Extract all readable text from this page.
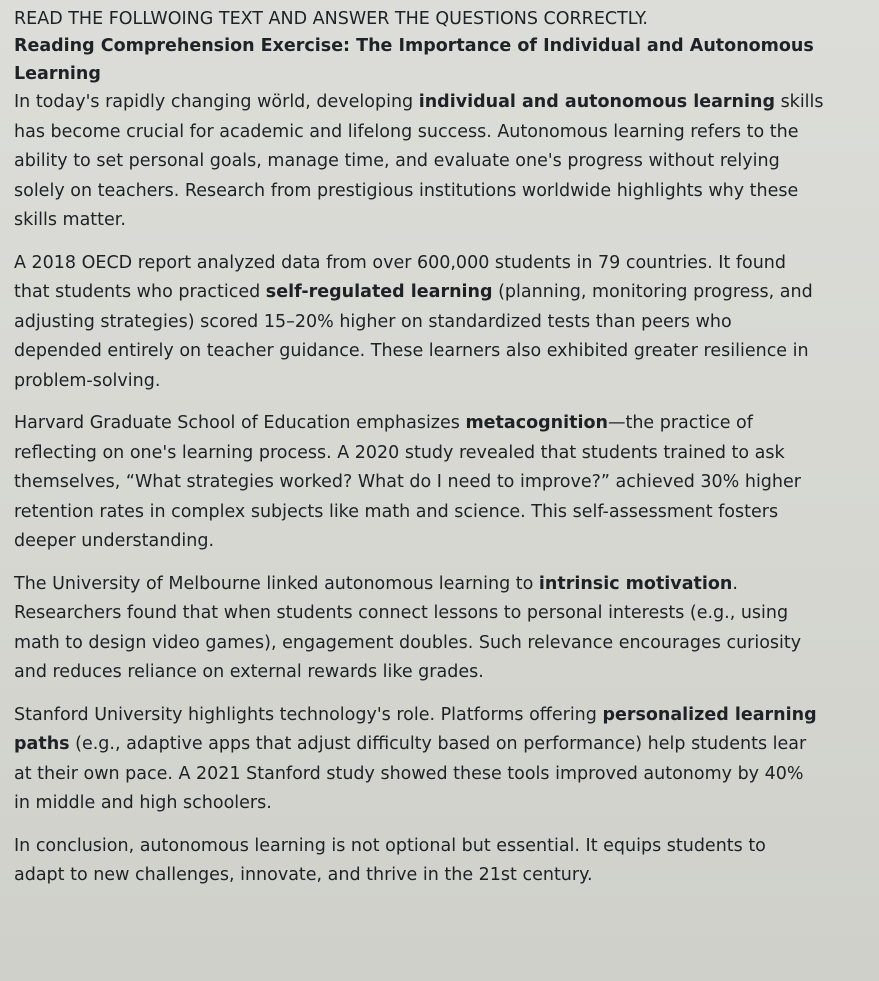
READ THE FOLLWOING TEXT AND ANSWER THE QUESTIONS CORRECTLY.

Reading Comprehension Exercise: The Importance of Individual and Autonomous Learning

In today's rapidly changing wörld, developing individual and autonomous learning skills
has become crucial for academic and lifelong success. Autonomous learning refers to the
ability to set personal goals, manage time, and evaluate one's progress without relying
solely on teachers. Research from prestigious institutions worldwide highlights why these
skills matter.
A 2018 OECD report analyzed data from over 600,000 students in 79 countries. It found
that students who practiced self-regulated learning (planning, monitoring progress, and
adjusting strategies) scored 15–20% higher on standardized tests than peers who
depended entirely on teacher guidance. These learners also exhibited greater resilience in
problem-solving.
Harvard Graduate School of Education emphasizes metacognition—the practice of
reflecting on one's learning process. A 2020 study revealed that students trained to ask
themselves, “What strategies worked? What do I need to improve?” achieved 30% higher
retention rates in complex subjects like math and science. This self-assessment fosters
deeper understanding.
The University of Melbourne linked autonomous learning to intrinsic motivation.
Researchers found that when students connect lessons to personal interests (e.g., using
math to design video games), engagement doubles. Such relevance encourages curiosity
and reduces reliance on external rewards like grades.
Stanford University highlights technology's role. Platforms offering personalized learning
paths (e.g., adaptive apps that adjust difficulty based on performance) help students lear
at their own pace. A 2021 Stanford study showed these tools improved autonomy by 40%
in middle and high schoolers.
In conclusion, autonomous learning is not optional but essential. It equips students to
adapt to new challenges, innovate, and thrive in the 21st century.
